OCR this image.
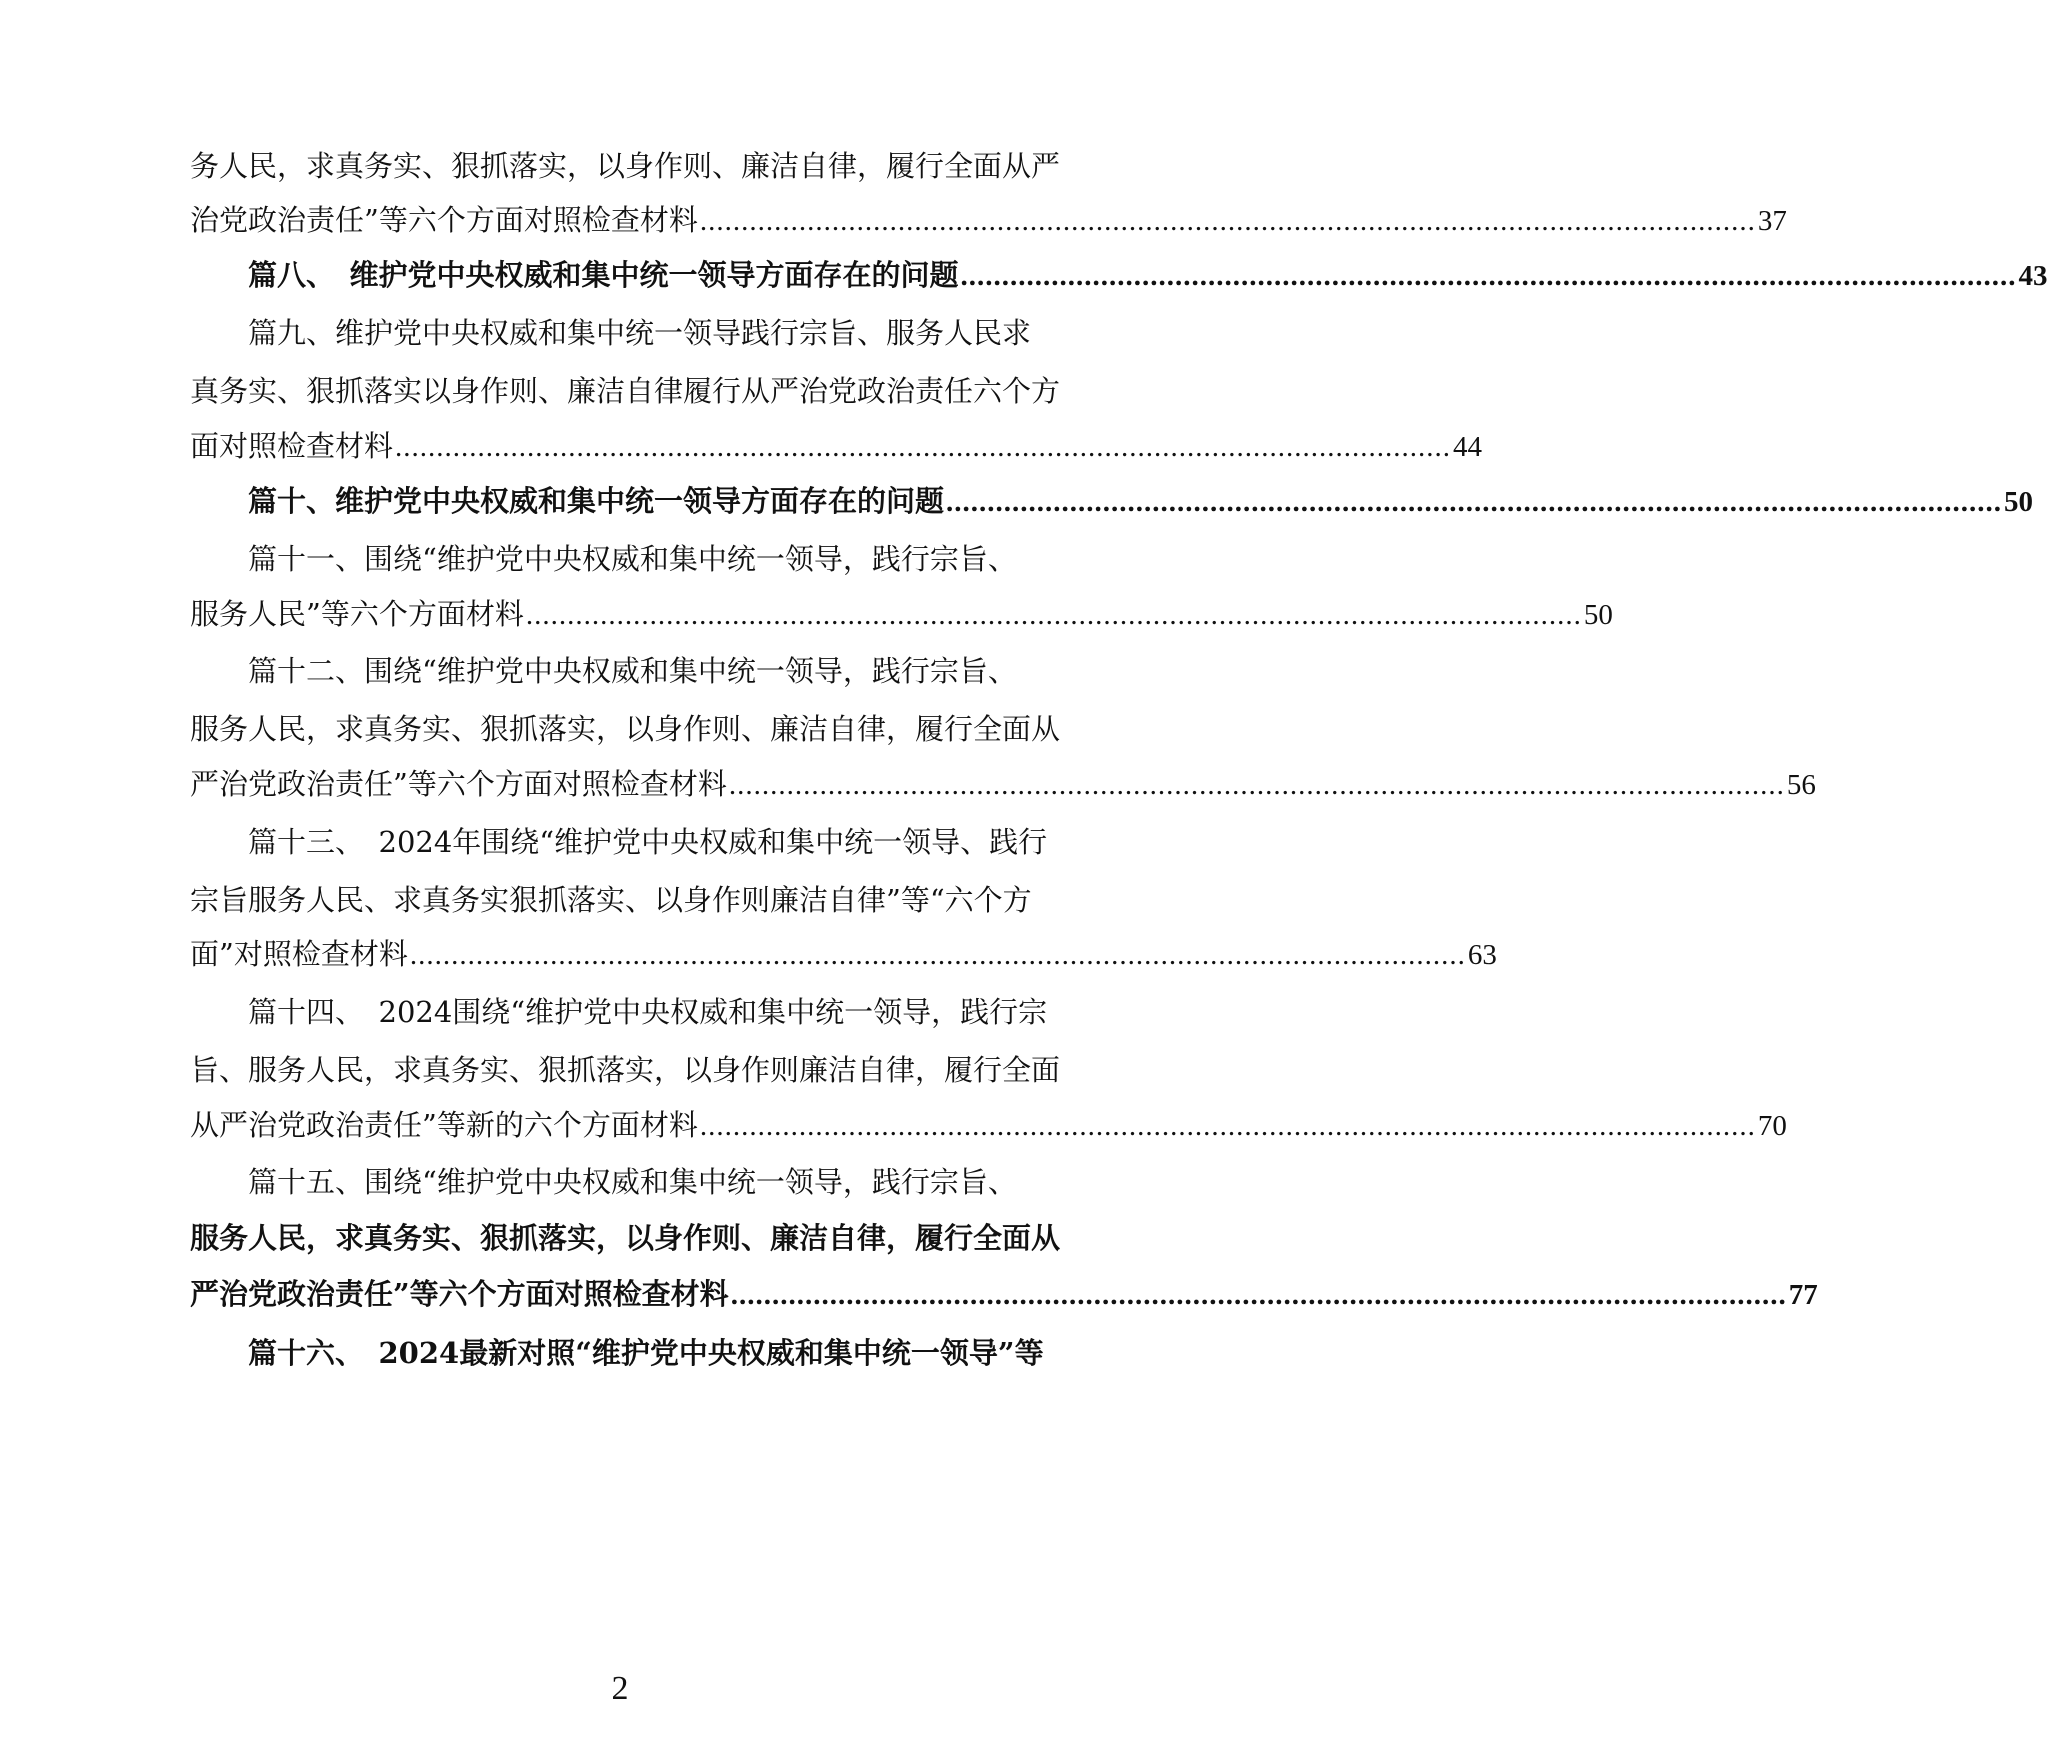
务人民，求真务实、狠抓落实，以身作则、廉洁自律，履行全面从严
治党政治责任”等六个方面对照检查材料 ................................................................................................................................ 37
篇八、　维护党中央权威和集中统一领导方面存在的问题 ................................................................................................................................ 43
篇九、维护党中央权威和集中统一领导践行宗旨、服务人民求
真务实、狠抓落实以身作则、廉洁自律履行从严治党政治责任六个方
面对照检查材料 ................................................................................................................................ 44
篇十、维护党中央权威和集中统一领导方面存在的问题 ................................................................................................................................ 50
篇十一、围绕“维护党中央权威和集中统一领导，践行宗旨、
服务人民”等六个方面材料 ................................................................................................................................ 50
篇十二、围绕“维护党中央权威和集中统一领导，践行宗旨、
服务人民，求真务实、狠抓落实，以身作则、廉洁自律，履行全面从
严治党政治责任”等六个方面对照检查材料 ................................................................................................................................ 56
篇十三、　2024年围绕“维护党中央权威和集中统一领导、践行
宗旨服务人民、求真务实狠抓落实、以身作则廉洁自律”等“六个方
面”对照检查材料 ................................................................................................................................ 63
篇十四、　2024围绕“维护党中央权威和集中统一领导，践行宗
旨、服务人民，求真务实、狠抓落实，以身作则廉洁自律，履行全面
从严治党政治责任”等新的六个方面材料 ................................................................................................................................ 70
篇十五、围绕“维护党中央权威和集中统一领导，践行宗旨、
服务人民，求真务实、狠抓落实，以身作则、廉洁自律，履行全面从
严治党政治责任”等六个方面对照检查材料 ................................................................................................................................ 77
篇十六、　2024最新对照“维护党中央权威和集中统一领导”等
2
